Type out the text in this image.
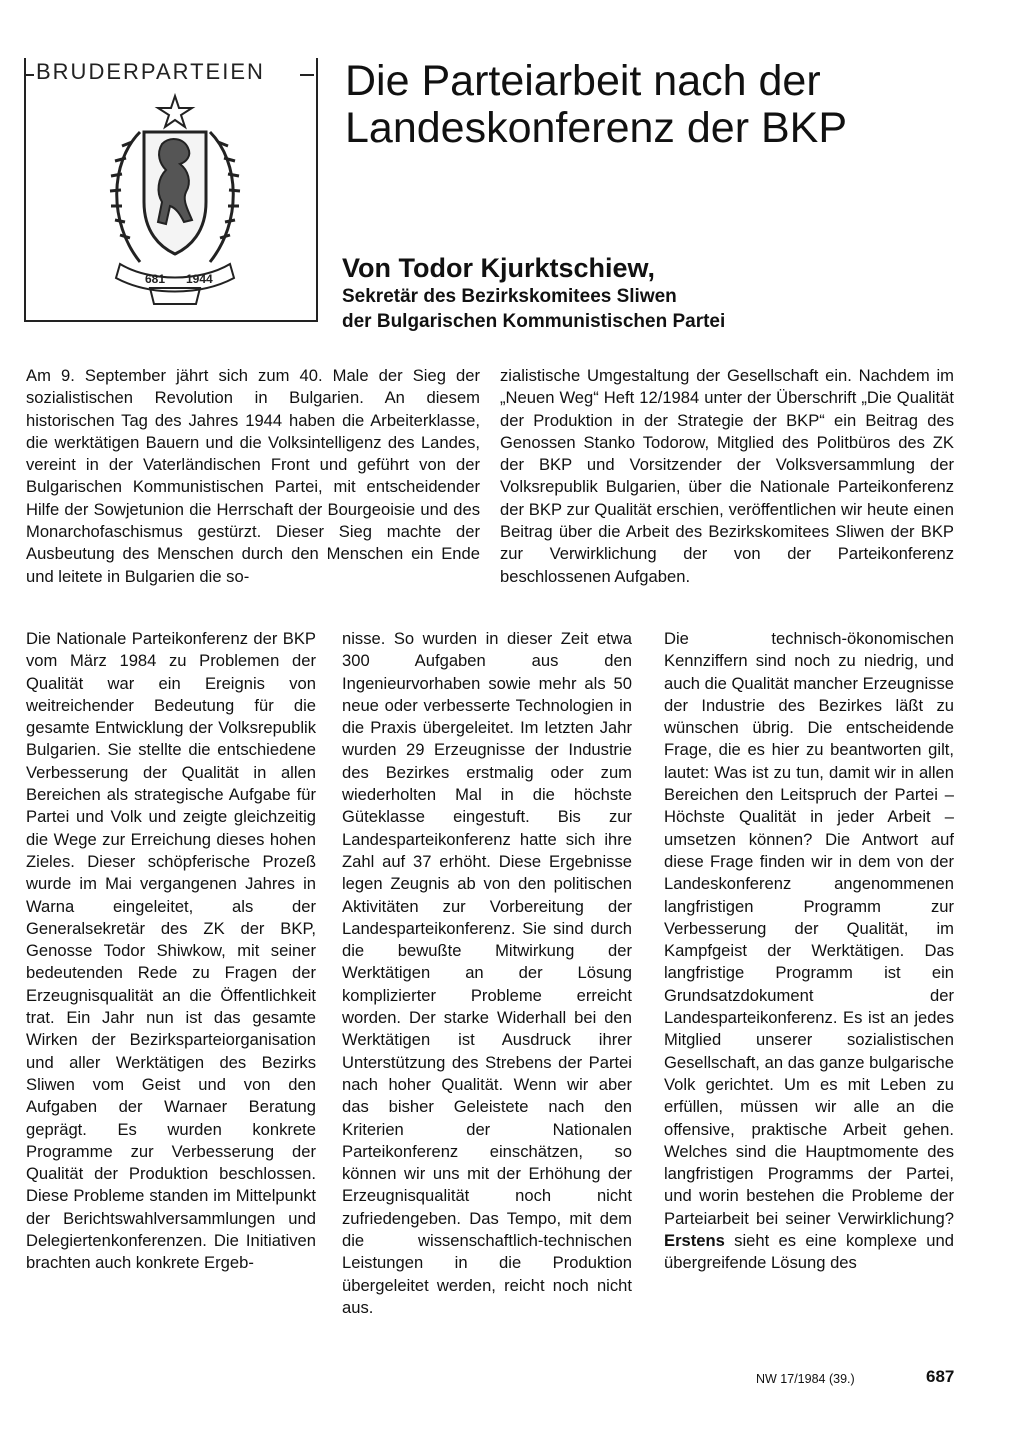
BRUDERPARTEIEN
681 1944
Die Parteiarbeit nach der Landeskonferenz der BKP
Von Todor Kjurktschiew,
Sekretär des Bezirkskomitees Sliwen
der Bulgarischen Kommunistischen Partei

Am 9. September jährt sich zum 40. Male der Sieg der sozialistischen Revolution in Bulgarien. An diesem historischen Tag des Jahres 1944 haben die Arbeiterklasse, die werktätigen Bauern und die Volksintelligenz des Landes, vereint in der Vaterländischen Front und geführt von der Bulgarischen Kommunistischen Partei, mit entscheidender Hilfe der Sowjetunion die Herrschaft der Bourgeoisie und des Monarchofaschismus gestürzt. Dieser Sieg machte der Ausbeutung des Menschen durch den Menschen ein Ende und leitete in Bulgarien die so-

zialistische Umgestaltung der Gesellschaft ein. Nachdem im „Neuen Weg“ Heft 12/1984 unter der Überschrift „Die Qualität der Produktion in der Strategie der BKP“ ein Beitrag des Genossen Stanko Todorow, Mitglied des Politbüros des ZK der BKP und Vorsitzender der Volksversammlung der Volksrepublik Bulgarien, über die Nationale Parteikonferenz der BKP zur Qualität erschien, veröffentlichen wir heute einen Beitrag über die Arbeit des Bezirkskomitees Sliwen der BKP zur Verwirklichung der von der Parteikonferenz beschlossenen Aufgaben.

Die Nationale Parteikonferenz der BKP vom März 1984 zu Problemen der Qualität war ein Ereignis von weitreichender Bedeutung für die gesamte Entwicklung der Volksrepublik Bulgarien. Sie stellte die entschiedene Verbesserung der Qualität in allen Bereichen als strategische Aufgabe für Partei und Volk und zeigte gleichzeitig die Wege zur Erreichung dieses hohen Zieles. Dieser schöpferische Prozeß wurde im Mai vergangenen Jahres in Warna eingeleitet, als der Generalsekretär des ZK der BKP, Genosse Todor Shiwkow, mit seiner bedeutenden Rede zu Fragen der Erzeugnisqualität an die Öffentlichkeit trat. Ein Jahr nun ist das gesamte Wirken der Bezirksparteiorganisation und aller Werktätigen des Bezirks Sliwen vom Geist und von den Aufgaben der Warnaer Beratung geprägt. Es wurden konkrete Programme zur Verbesserung der Qualität der Produktion beschlossen. Diese Probleme standen im Mittelpunkt der Berichtswahlversammlungen und Delegiertenkonferenzen. Die Initiativen brachten auch konkrete Ergeb-

nisse. So wurden in dieser Zeit etwa 300 Aufgaben aus den Ingenieurvorhaben sowie mehr als 50 neue oder verbesserte Technologien in die Praxis übergeleitet. Im letzten Jahr wurden 29 Erzeugnisse der Industrie des Bezirkes erstmalig oder zum wiederholten Mal in die höchste Güteklasse eingestuft. Bis zur Landesparteikonferenz hatte sich ihre Zahl auf 37 erhöht. Diese Ergebnisse legen Zeugnis ab von den politischen Aktivitäten zur Vorbereitung der Landesparteikonferenz. Sie sind durch die bewußte Mitwirkung der Werktätigen an der Lösung komplizierter Probleme erreicht worden. Der starke Widerhall bei den Werktätigen ist Ausdruck ihrer Unterstützung des Strebens der Partei nach hoher Qualität. Wenn wir aber das bisher Geleistete nach den Kriterien der Nationalen Parteikonferenz einschätzen, so können wir uns mit der Erhöhung der Erzeugnisqualität noch nicht zufriedengeben. Das Tempo, mit dem die wissenschaftlich-technischen Leistungen in die Produktion übergeleitet werden, reicht noch nicht aus.

Die technisch-ökonomischen Kennziffern sind noch zu niedrig, und auch die Qualität mancher Erzeugnisse der Industrie des Bezirkes läßt zu wünschen übrig. Die entscheidende Frage, die es hier zu beantworten gilt, lautet: Was ist zu tun, damit wir in allen Bereichen den Leitspruch der Partei – Höchste Qualität in jeder Arbeit – umsetzen können? Die Antwort auf diese Frage finden wir in dem von der Landeskonferenz angenommenen langfristigen Programm zur Verbesserung der Qualität, im Kampfgeist der Werktätigen. Das langfristige Programm ist ein Grundsatzdokument der Landesparteikonferenz. Es ist an jedes Mitglied unserer sozialistischen Gesellschaft, an das ganze bulgarische Volk gerichtet. Um es mit Leben zu erfüllen, müssen wir alle an die offensive, praktische Arbeit gehen. Welches sind die Hauptmomente des langfristigen Programms der Partei, und worin bestehen die Probleme der Parteiarbeit bei seiner Verwirklichung? Erstens sieht es eine komplexe und übergreifende Lösung des
NW 17/1984 (39.)	687
